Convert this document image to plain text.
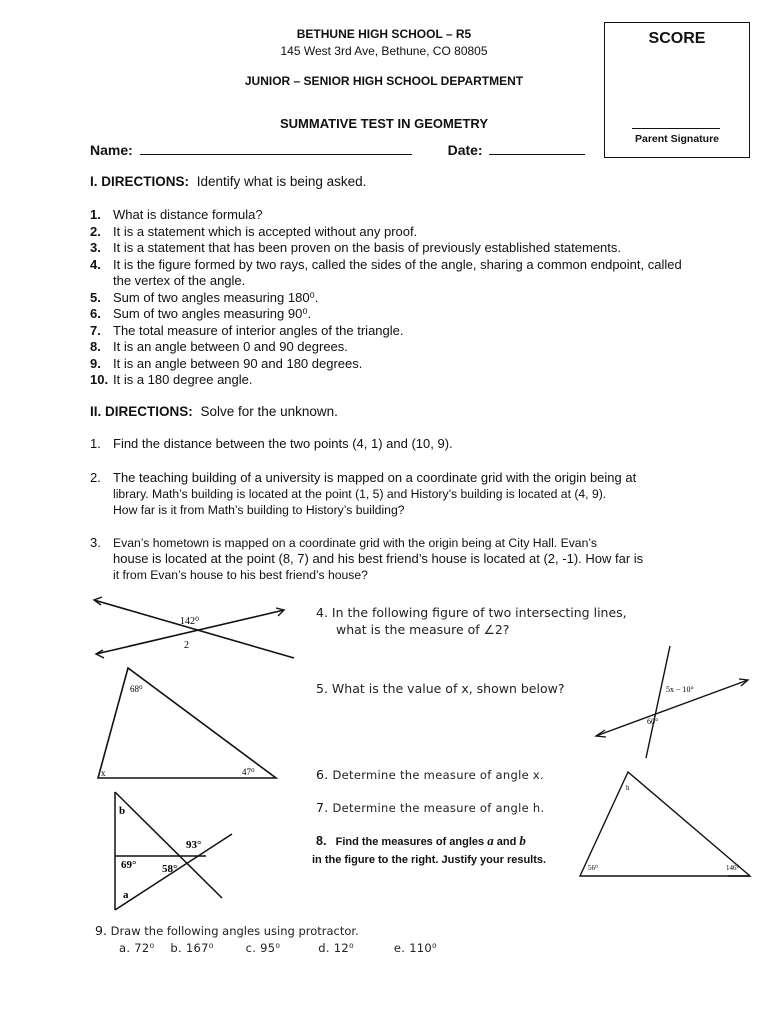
BETHUNE HIGH SCHOOL – R5
145 West 3rd Ave, Bethune, CO 80805
JUNIOR – SENIOR HIGH SCHOOL DEPARTMENT
SUMMATIVE TEST IN GEOMETRY
SCORE
Parent Signature
Name:	Date:
I. DIRECTIONS: Identify what is being asked.
1. What is distance formula?
2. It is a statement which is accepted without any proof.
3. It is a statement that has been proven on the basis of previously established statements.
4. It is the figure formed by two rays, called the sides of the angle, sharing a common endpoint, called the vertex of the angle.
5. Sum of two angles measuring 180⁰.
6. Sum of two angles measuring 90⁰.
7. The total measure of interior angles of the triangle.
8. It is an angle between 0 and 90 degrees.
9. It is an angle between 90 and 180 degrees.
10. It is a 180 degree angle.
II. DIRECTIONS: Solve for the unknown.
1. Find the distance between the two points (4, 1) and (10, 9).
2. The teaching building of a university is mapped on a coordinate grid with the origin being at
library. Math’s building is located at the point (1, 5) and History’s building is located at (4, 9).
How far is it from Math’s building to History’s building?
3. Evan’s hometown is mapped on a coordinate grid with the origin being at City Hall. Evan’s
house is located at the point (8, 7) and his best friend’s house is located at (2, -1). How far is
it from Evan’s house to his best friend’s house?
142⁰
2
4. In the following figure of two intersecting lines,
what is the measure of ∠2?
68⁰
47⁰
x
5. What is the value of x, shown below?	5x − 10°
60°
6. Determine the measure of angle x.
7. Determine the measure of angle h.
b
a
69° 58°
93°	8. Find the measures of angles a and b
in the figure to the right. Justify your results.
h
56⁰	146⁰
9. Draw the following angles using protractor.
a. 72⁰ b. 167⁰	c. 95⁰	d. 12⁰	e. 110⁰
